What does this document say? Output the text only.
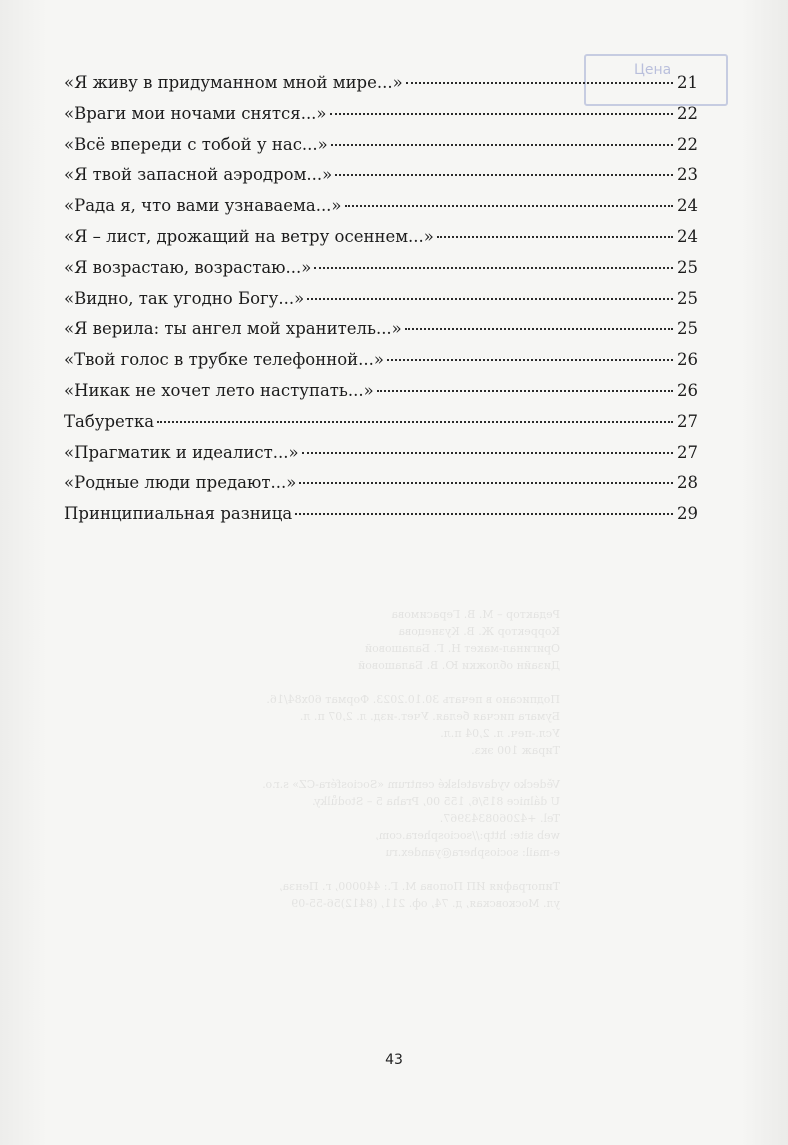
Цена
Редактор – М. В. Герасимова
Корректор Ж. В. Кузнецова
Оригинал-макет Н. Г. Балашовой
Дизайн обложки Ю. В. Балашовой
Подписано в печать 30.10.2023. Формат 60x84/16.
Бумага писчая белая. Учет.-изд. л. 2,07 п. л.
Усл.-печ. л. 2,04 п.л.
Тираж 100 экз.
Vědecko vydavatelské centrum «Sociosféra-CZ» s.r.o.
U dálnice 815/6, 155 00, Praha 5 – Stodůlky.
Tel. +420608343967.
web site: http://sociosphera.com,
e-mail: sociosphera@yandex.ru
Типография ИП Попова М. Г.: 440000, г. Пенза,
ул. Московская, д. 74, оф. 211, (8412)56-55-09
«Я живу в придуманном мной мире...»	21
«Враги мои ночами снятся...»	22
«Всё впереди с тобой у нас...»	22
«Я твой запасной аэродром...»	23
«Рада я, что вами узнаваема...»	24
«Я – лист, дрожащий на ветру осеннем...»	24
«Я возрастаю, возрастаю...»	25
«Видно, так угодно Богу...»	25
«Я верила: ты ангел мой хранитель...»	25
«Твой голос в трубке телефонной...»	26
«Никак не хочет лето наступать...»	26
Табуретка	27
«Прагматик и идеалист...»	27
«Родные люди предают...»	28
Принципиальная разница	29
43
